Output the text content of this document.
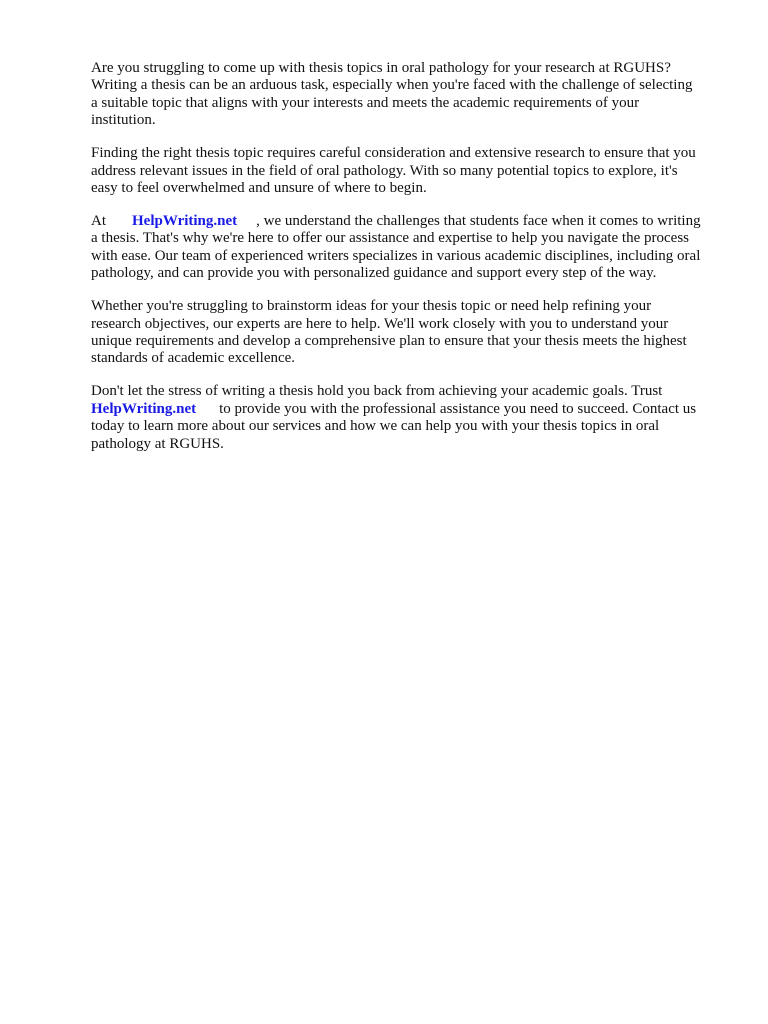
Are you struggling to come up with thesis topics in oral pathology for your research at RGUHS?
Writing a thesis can be an arduous task, especially when you're faced with the challenge of selecting
a suitable topic that aligns with your interests and meets the academic requirements of your
institution.
Finding the right thesis topic requires careful consideration and extensive research to ensure that you
address relevant issues in the field of oral pathology. With so many potential topics to explore, it's
easy to feel overwhelmed and unsure of where to begin.
At HelpWriting.net , we understand the challenges that students face when it comes to writing
a thesis. That's why we're here to offer our assistance and expertise to help you navigate the process
with ease. Our team of experienced writers specializes in various academic disciplines, including oral
pathology, and can provide you with personalized guidance and support every step of the way.
Whether you're struggling to brainstorm ideas for your thesis topic or need help refining your
research objectives, our experts are here to help. We'll work closely with you to understand your
unique requirements and develop a comprehensive plan to ensure that your thesis meets the highest
standards of academic excellence.
Don't let the stress of writing a thesis hold you back from achieving your academic goals. Trust
HelpWriting.net to provide you with the professional assistance you need to succeed. Contact us
today to learn more about our services and how we can help you with your thesis topics in oral
pathology at RGUHS.
